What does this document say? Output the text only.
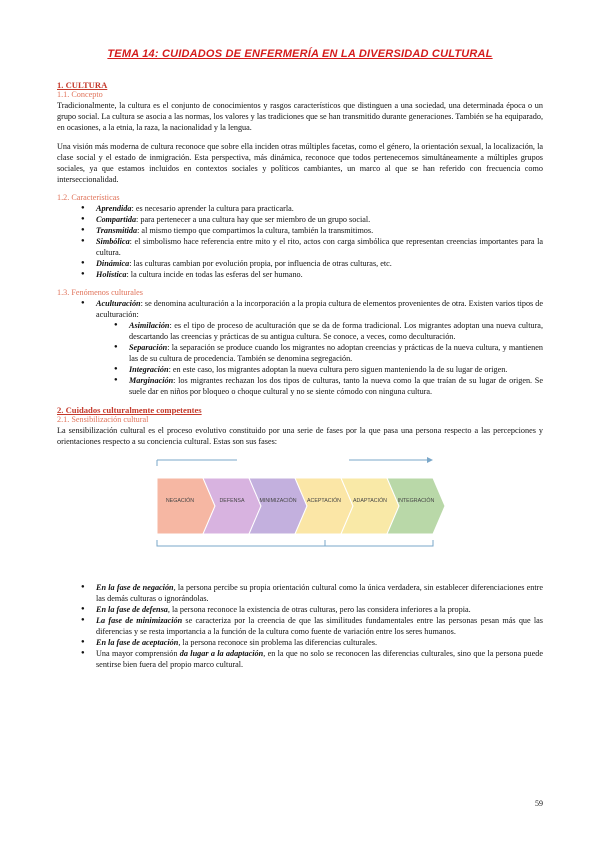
TEMA 14: CUIDADOS DE ENFERMERÍA EN LA DIVERSIDAD CULTURAL
1. CULTURA
1.1. Concepto

Tradicionalmente, la cultura es el conjunto de conocimientos y rasgos característicos que distinguen a una sociedad, una determinada época o un grupo social. La cultura se asocia a las normas, los valores y las tradiciones que se han transmitido durante generaciones. También se ha equiparado, en ocasiones, a la etnia, la raza, la nacionalidad y la lengua.

Una visión más moderna de cultura reconoce que sobre ella inciden otras múltiples facetas, como el género, la orientación sexual, la localización, la clase social y el estado de inmigración. Esta perspectiva, más dinámica, reconoce que todos pertenecemos simultáneamente a múltiples grupos sociales, ya que estamos incluidos en contextos sociales y políticos cambiantes, un marco al que se han referido con frecuencia como interseccionalidad.

1.2. Características
● Aprendida: es necesario aprender la cultura para practicarla.
● Compartida: para pertenecer a una cultura hay que ser miembro de un grupo social.
● Transmitida: al mismo tiempo que compartimos la cultura, también la transmitimos.
● Simbólica: el simbolismo hace referencia entre mito y el rito, actos con carga simbólica que representan creencias importantes para la cultura.
● Dinámica: las culturas cambian por evolución propia, por influencia de otras culturas, etc.
● Holística: la cultura incide en todas las esferas del ser humano.
1.3. Fenómenos culturales
● Aculturación: se denomina aculturación a la incorporación a la propia cultura de elementos provenientes de otra. Existen varios tipos de aculturación:
● Asimilación: es el tipo de proceso de aculturación que se da de forma tradicional. Los migrantes adoptan una nueva cultura, descartando las creencias y prácticas de su antigua cultura. Se conoce, a veces, como deculturación.
● Separación: la separación se produce cuando los migrantes no adoptan creencias y prácticas de la nueva cultura, y mantienen las de su cultura de procedencia. También se denomina segregación.
● Integración: en este caso, los migrantes adoptan la nueva cultura pero siguen manteniendo la de su lugar de origen.
● Marginación: los migrantes rechazan los dos tipos de culturas, tanto la nueva como la que traían de su lugar de origen. Se suele dar en niños por bloqueo o choque cultural y no se siente cómodo con ninguna cultura.
2. Cuidados culturalmente competentes
2.1. Sensibilización cultural

La sensibilización cultural es el proceso evolutivo constituido por una serie de fases por la que pasa una persona respecto a las percepciones y orientaciones respecto a su conciencia cultural. Estas son sus fases:

NEGACIÓN	DEFENSA	MINIMIZACIÓN ACEPTACIÓN ADAPTACIÓN INTEGRACIÓN
● En la fase de negación, la persona percibe su propia orientación cultural como la única verdadera, sin establecer diferenciaciones entre las demás culturas o ignorándolas.
● En la fase de defensa, la persona reconoce la existencia de otras culturas, pero las considera inferiores a la propia.
● La fase de minimización se caracteriza por la creencia de que las similitudes fundamentales entre las personas pesan más que las diferencias y se resta importancia a la función de la cultura como fuente de variación entre los seres humanos.
● En la fase de aceptación, la persona reconoce sin problema las diferencias culturales.
● Una mayor comprensión da lugar a la adaptación, en la que no solo se reconocen las diferencias culturales, sino que la persona puede sentirse bien fuera del propio marco cultural.
59
